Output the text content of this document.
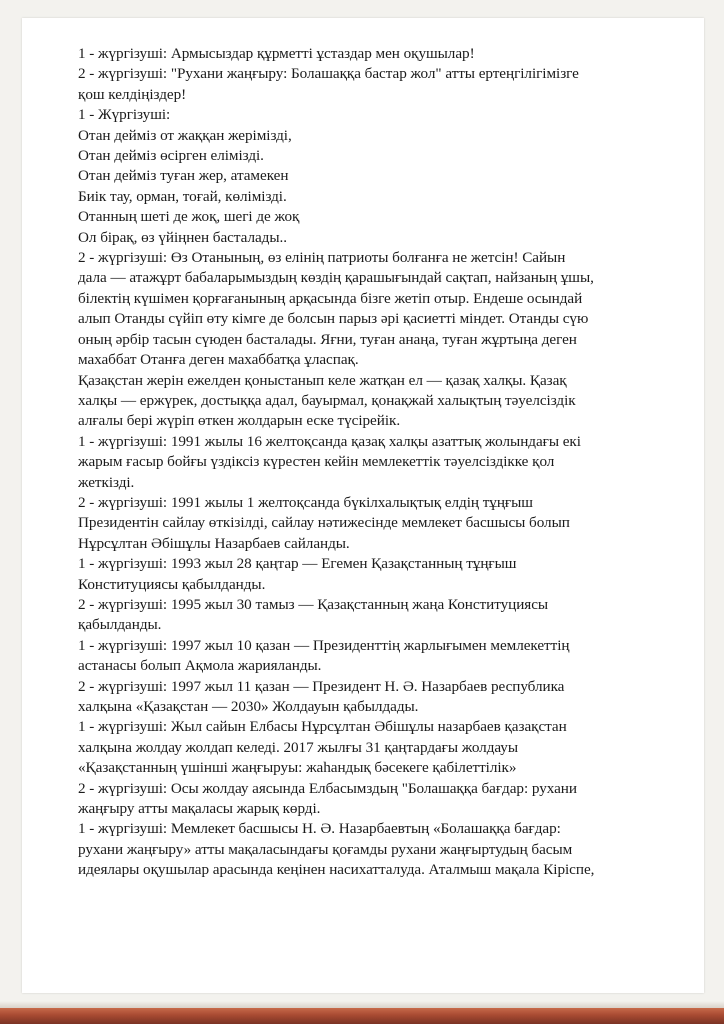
1 - жүргізуші: Армысыздар құрметті ұстаздар мен оқушылар!
2 - жүргізуші: "Рухани жаңғыру: Болашаққа бастар жол" атты ертеңгілігімізге
қош келдіңіздер!
1 - Жүргізуші:
Отан дейміз от жаққан жерімізді,
Отан дейміз өсірген елімізді.
Отан дейміз туған жер, атамекен
Биік тау, орман, тоғай, көлімізді.
Отанның шеті де жоқ, шегі де жоқ
Ол бірақ, өз үйіңнен басталады..
2 - жүргізуші: Өз Отанының, өз елінің патриоты болғанға не жетсін! Сайын
дала — атажұрт бабаларымыздың көздің қарашығындай сақтап, найзаның ұшы,
білектің күшімен қорғағанының арқасында бізге жетіп отыр. Ендеше осындай
алып Отанды сүйіп өту кімге де болсын парыз әрі қасиетті міндет. Отанды сүю
оның әрбір тасын сүюден басталады. Яғни, туған анаңа, туған жұртыңа деген
махаббат Отанға деген махаббатқа ұласпақ.
Қазақстан жерін ежелден қоныстанып келе жатқан ел — қазақ халқы. Қазақ
халқы — ержүрек, достыққа адал, бауырмал, қонақжай халықтың тәуелсіздік
алғалы бері жүріп өткен жолдарын еске түсірейік.
1 - жүргізуші: 1991 жылы 16 желтоқсанда қазақ халқы азаттық жолындағы екі
жарым ғасыр бойғы үздіксіз күрестен кейін мемлекеттік тәуелсіздікке қол
жеткізді.
2 - жүргізуші: 1991 жылы 1 желтоқсанда бүкілхалықтық елдің тұңғыш
Президентін сайлау өткізілді, сайлау нәтижесінде мемлекет басшысы болып
Нұрсұлтан Әбішұлы Назарбаев сайланды.
1 - жүргізуші: 1993 жыл 28 қаңтар — Егемен Қазақстанның тұңғыш
Конституциясы қабылданды.
2 - жүргізуші: 1995 жыл 30 тамыз — Қазақстанның жаңа Конституциясы
қабылданды.
1 - жүргізуші: 1997 жыл 10 қазан — Президенттің жарлығымен мемлекеттің
астанасы болып Ақмола жарияланды.
2 - жүргізуші: 1997 жыл 11 қазан — Президент Н. Ә. Назарбаев республика
халқына «Қазақстан — 2030» Жолдауын қабылдады.
1 - жүргізуші: Жыл сайын Елбасы Нұрсұлтан Әбішұлы назарбаев қазақстан
халқына жолдау жолдап келеді. 2017 жылғы 31 қаңтардағы жолдауы
«Қазақстанның үшінші жаңғыруы: жаһандық бәсекеге қабілеттілік»
2 - жүргізуші: Осы жолдау аясында Елбасымздың "Болашаққа бағдар: рухани
жаңғыру атты мақаласы жарық көрді.
1 - жүргізуші: Мемлекет басшысы Н. Ә. Назарбаевтың «Болашаққа бағдар:
рухани жаңғыру» атты мақаласындағы қоғамды рухани жаңғыртудың басым
идеялары оқушылар арасында кеңінен насихатталуда. Аталмыш мақала Кіріспе,
